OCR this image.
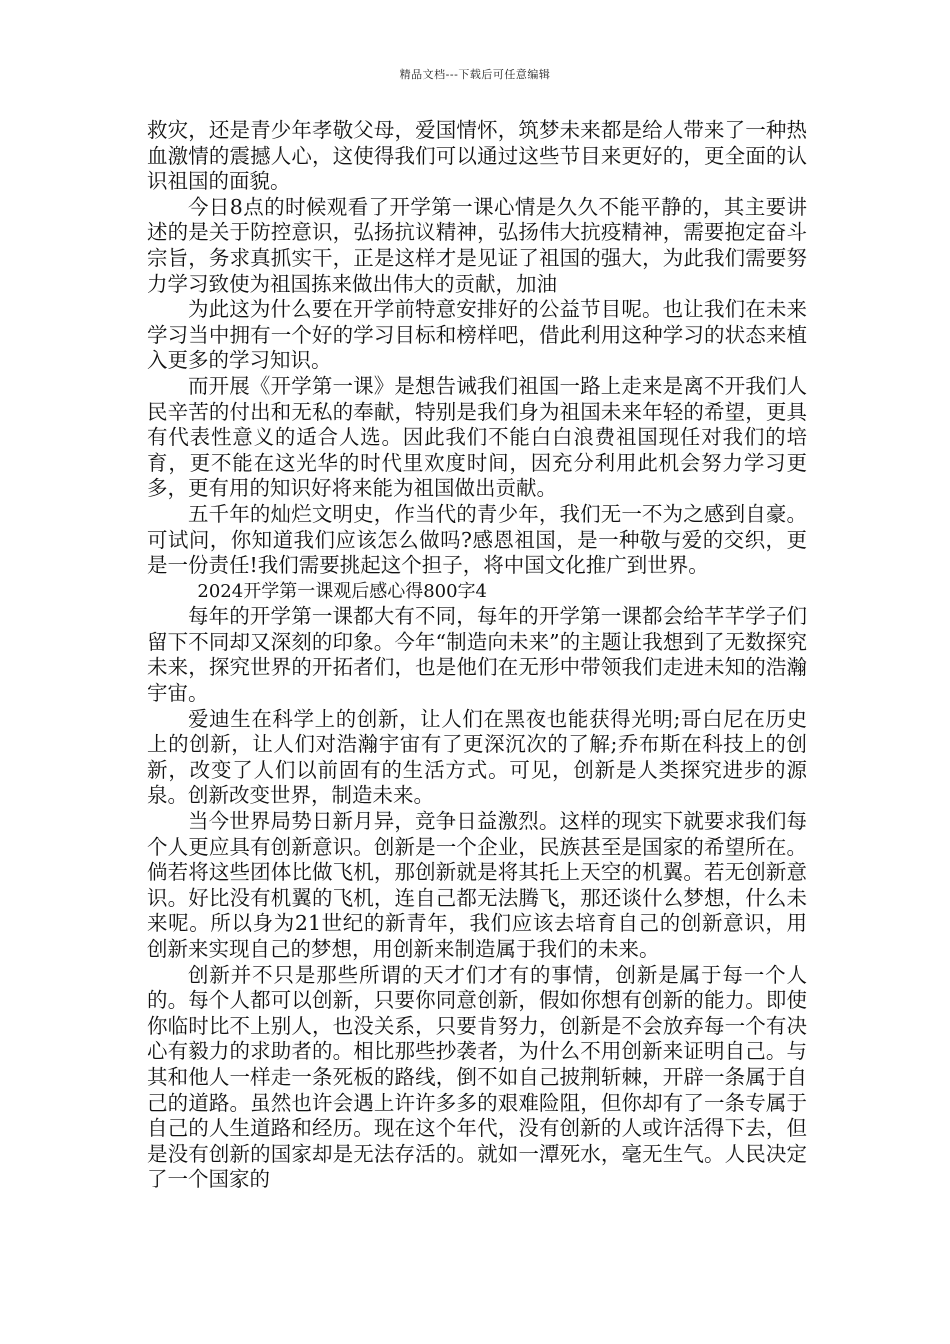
精品文档---下载后可任意编辑

救灾，还是青少年孝敬父母，爱国情怀，筑梦未来都是给人带来了一种热血激情的震撼人心，这使得我们可以通过这些节目来更好的，更全面的认识祖国的面貌。

今日8点的时候观看了开学第一课心情是久久不能平静的，其主要讲述的是关于防控意识，弘扬抗议精神，弘扬伟大抗疫精神，需要抱定奋斗宗旨，务求真抓实干，正是这样才是见证了祖国的强大，为此我们需要努力学习致使为祖国拣来做出伟大的贡献，加油

为此这为什么要在开学前特意安排好的公益节目呢。也让我们在未来学习当中拥有一个好的学习目标和榜样吧，借此利用这种学习的状态来植入更多的学习知识。

而开展《开学第一课》是想告诫我们祖国一路上走来是离不开我们人民辛苦的付出和无私的奉献，特别是我们身为祖国未来年轻的希望，更具有代表性意义的适合人选。因此我们不能白白浪费祖国现任对我们的培育，更不能在这光华的时代里欢度时间，因充分利用此机会努力学习更多，更有用的知识好将来能为祖国做出贡献。

五千年的灿烂文明史，作当代的青少年，我们无一不为之感到自豪。可试问，你知道我们应该怎么做吗?感恩祖国，是一种敬与爱的交织，更是一份责任!我们需要挑起这个担子，将中国文化推广到世界。

2024开学第一课观后感心得800字4

每年的开学第一课都大有不同，每年的开学第一课都会给芊芊学子们留下不同却又深刻的印象。今年“制造向未来”的主题让我想到了无数探究未来，探究世界的开拓者们，也是他们在无形中带领我们走进未知的浩瀚宇宙。

爱迪生在科学上的创新，让人们在黑夜也能获得光明;哥白尼在历史上的创新，让人们对浩瀚宇宙有了更深沉次的了解;乔布斯在科技上的创新，改变了人们以前固有的生活方式。可见，创新是人类探究进步的源泉。创新改变世界，制造未来。

当今世界局势日新月异，竞争日益激烈。这样的现实下就要求我们每个人更应具有创新意识。创新是一个企业，民族甚至是国家的希望所在。倘若将这些团体比做飞机，那创新就是将其托上天空的机翼。若无创新意识。好比没有机翼的飞机，连自己都无法腾飞，那还谈什么梦想，什么未来呢。所以身为21世纪的新青年，我们应该去培育自己的创新意识，用创新来实现自己的梦想，用创新来制造属于我们的未来。

创新并不只是那些所谓的天才们才有的事情，创新是属于每一个人的。每个人都可以创新，只要你同意创新，假如你想有创新的能力。即使你临时比不上别人，也没关系，只要肯努力，创新是不会放弃每一个有决心有毅力的求助者的。相比那些抄袭者，为什么不用创新来证明自己。与其和他人一样走一条死板的路线，倒不如自己披荆斩棘，开辟一条属于自己的道路。虽然也许会遇上许许多多的艰难险阻，但你却有了一条专属于自己的人生道路和经历。现在这个年代，没有创新的人或许活得下去，但是没有创新的国家却是无法存活的。就如一潭死水，毫无生气。人民决定了一个国家的
